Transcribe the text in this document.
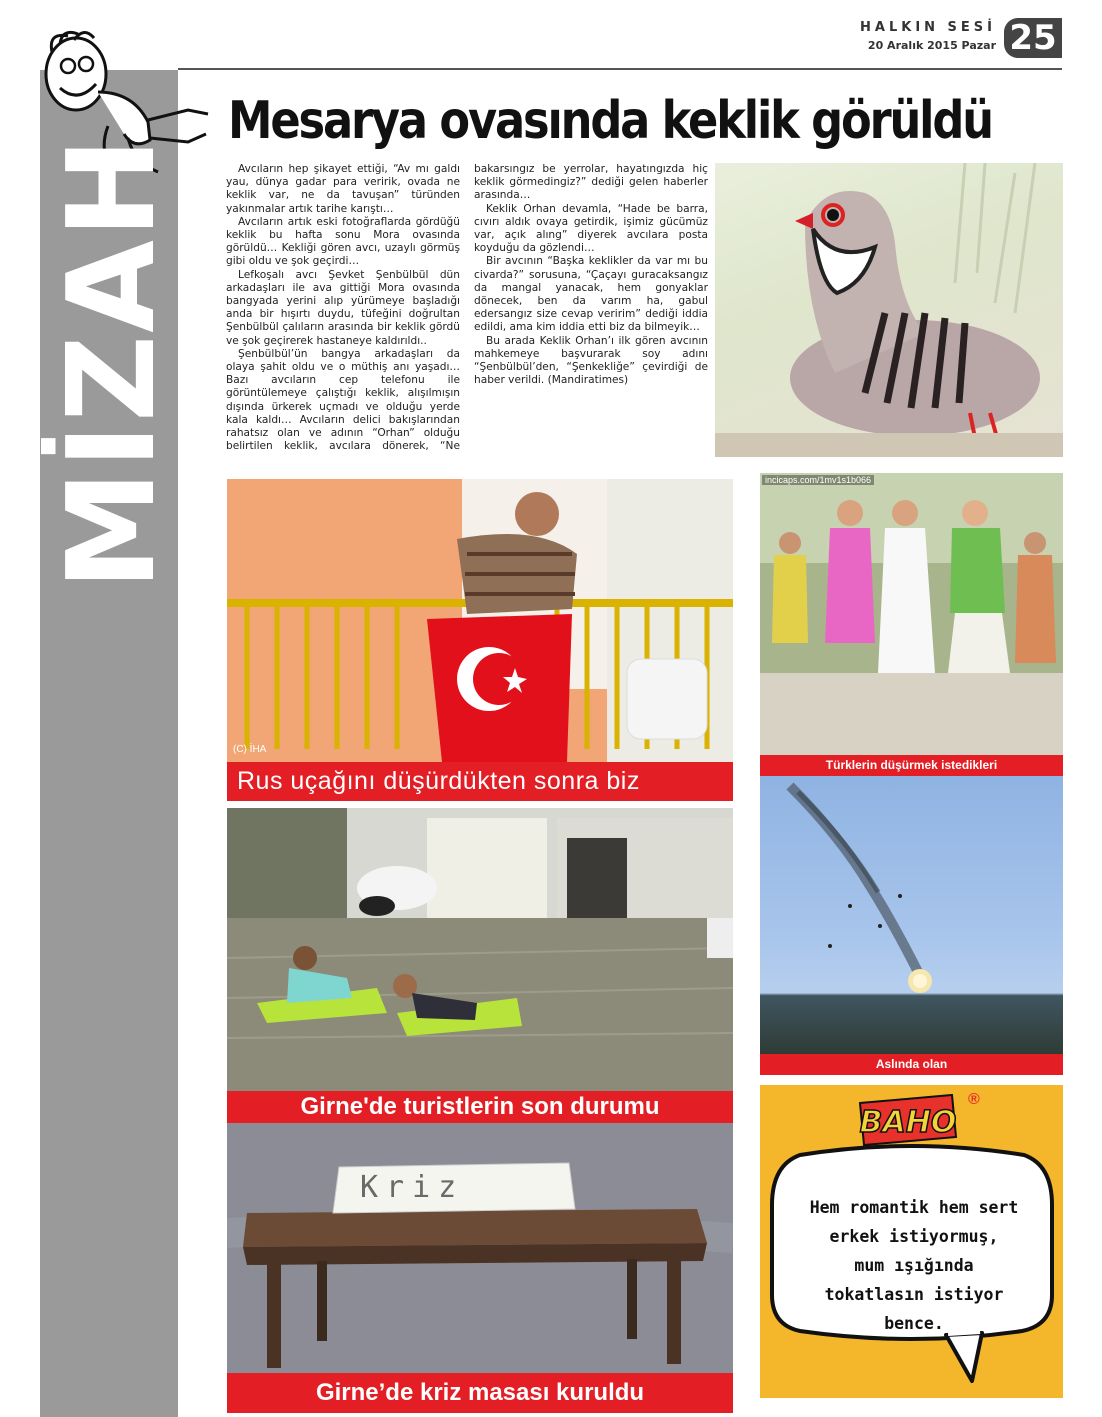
HALKIN SESİ
20 Aralık 2015 Pazar 25
MİZAH
Mesarya ovasında keklik görüldü

Avcıların hep şikayet ettiği, “Av mı galdı yau, dünya gadar para veririk, ovada ne keklik var, ne da tavuşan” türünden yakınmalar artık tarihe karıştı…

Avcıların artık eski fotoğraflarda gördüğü keklik bu hafta sonu Mora ovasında görüldü… Kekliği gören avcı, uzaylı görmüş gibi oldu ve şok geçirdi…

Lefkoşalı avcı Şevket Şenbülbül dün arkadaşları ile ava gittiği Mora ovasında bangyada yerini alıp yürümeye başladığı anda bir hışırtı duydu, tüfeğini doğrultan Şenbülbül çalıların arasında bir keklik gördü ve şok geçirerek hastaneye kaldırıldı..

Şenbülbül’ün bangya arkadaşları da olaya şahit oldu ve o müthiş anı yaşadı… Bazı avcıların cep telefonu ile görüntülemeye çalıştığı keklik, alışılmışın dışında ürkerek uçmadı ve olduğu yerde kala kaldı… Avcıların delici bakışlarından rahatsız olan ve adının “Orhan” olduğu belirtilen keklik, avcılara dönerek, “Ne bakarsıngız be yerrolar, hayatıngızda hiç keklik görmedingiz?” dediği gelen haberler arasında…

Keklik Orhan devamla, “Hade be barra, cıvırı aldık ovaya getirdik, işimiz gücümüz var, açık alıng” diyerek avcılara posta koyduğu da gözlendi…

Bir avcının “Başka keklikler da var mı bu civarda?” sorusuna, “Çaçayı guracaksangız da mangal yanacak, hem gonyaklar dönecek, ben da varım ha, gabul edersangız size cevap veririm” dediği iddia edildi, ama kim iddia etti biz da bilmeyik…

Bu arada Keklik Orhan’ı ilk gören avcının mahkemeye başvurarak soy adını “Şenbülbül’den, “Şenkekliğe” çevirdiği de haber verildi. (Mandiratimes)

(C) İHA
Rus uçağını düşürdükten sonra biz
Girne'de turistlerin son durumu
Kriz
Girne’de kriz masası kuruldu
incicaps.com/1mv1s1b066
Türklerin düşürmek istedikleri
Aslında olan
BAHO
®
Hem romantik hem sert
erkek istiyormuş,
mum ışığında
tokatlasın istiyor bence.
